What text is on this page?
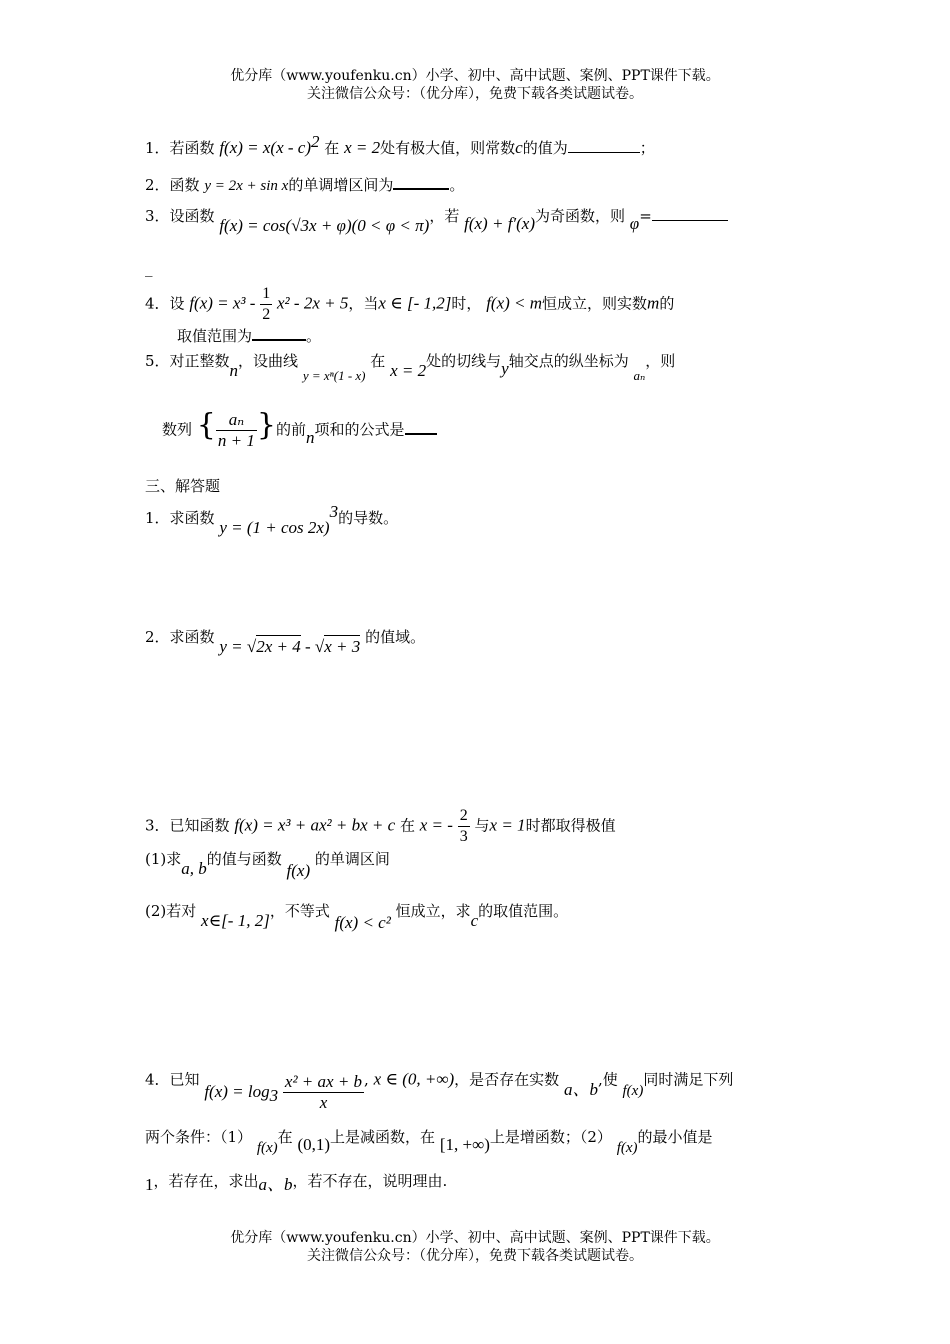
优分库（www.youfenku.cn）小学、初中、高中试题、案例、PPT课件下载。
关注微信公众号：（优分库），免费下载各类试题试卷。
1．若函数 f(x) = x(x - c)$^2$ 在 x = 2处有极大值，则常数c的值为	；
2．函数 y = 2x + sin x的单调增区间为	。
3．设函数 f(x) = cos(√3x + φ)(0 < φ < π)，若 f(x) + f′(x)为奇函数，则 φ=
_
4．设 $f(x) = x^3 - \frac{1}{2} x^2 - 2x + 5$，当x ∈ [- 1,2]时， f(x) < m恒成立，则实数m的
取值范围为	。
5．对正整数n，设曲线 y = xⁿ(1 - x) 在 x = 2处的切线与y轴交点的纵坐标为 aₙ，则
数列 { $\frac{\text{aₙ}}{n + 1}$ }的前n项和的公式是
三、解答题
1．求函数 $y = (1 + \cos 2x)^3$的导数。
2．求函数 y = √2x + 4 - √x + 3 的值域。
3．已知函数 f(x) = x³ + ax² + bx + c 在 x = - $\frac{2}{3}$ 与x = 1时都取得极值
(1)求a, b的值与函数 f(x) 的单调区间
(2)若对 x∈[- 1, 2]，不等式 f(x) < c² 恒成立，求c的取值范围。
4．已知 $f(x) = \log_3 \frac{\text{x² + ax + b}}{x}$ , x ∈ (0, +∞)，是否存在实数 a、b,使 f(x)同时满足下列
两个条件：（1） f(x)在 (0,1)上是减函数，在 [1, +∞)上是增函数；（2） f(x)的最小值是
1，若存在，求出a、b，若不存在，说明理由.
优分库（www.youfenku.cn）小学、初中、高中试题、案例、PPT课件下载。
关注微信公众号：（优分库），免费下载各类试题试卷。
